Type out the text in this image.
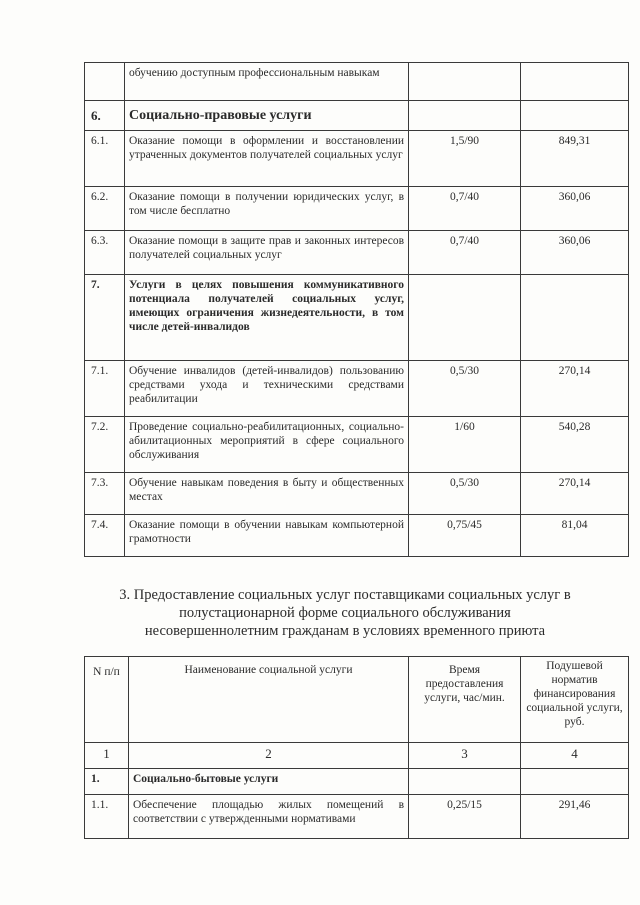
	обучению доступным профессиональным навыкам		
6.	Социально-правовые услуги		
6.1.	Оказание помощи в оформлении и восстановлении утраченных документов получателей социальных услуг	1,5/90	849,31
6.2.	Оказание помощи в получении юридических услуг, в том числе бесплатно	0,7/40	360,06
6.3.	Оказание помощи в защите прав и законных интересов получателей социальных услуг	0,7/40	360,06
7.	Услуги в целях повышения коммуникативного потенциала получателей социальных услуг, имеющих ограничения жизнедеятельности, в том числе детей-инвалидов		
7.1.	Обучение инвалидов (детей-инвалидов) пользованию средствами ухода и техническими средствами реабилитации	0,5/30	270,14
7.2.	Проведение социально-реабилитационных, социально-абилитационных мероприятий в сфере социального обслуживания	1/60	540,28
7.3.	Обучение навыкам поведения в быту и общественных местах	0,5/30	270,14
7.4.	Оказание помощи в обучении навыкам компьютерной грамотности	0,75/45	81,04
3. Предоставление социальных услуг поставщиками социальных услуг в
полустационарной форме социального обслуживания
несовершеннолетним гражданам в условиях временного приюта
N п/п	Наименование социальной услуги	Время предоставления услуги, час/мин.	Подушевой норматив финансирования социальной услуги, руб.
1	2	3	4
1.	Социально-бытовые услуги		
1.1.	Обеспечение площадью жилых помещений в соответствии с утвержденными нормативами	0,25/15	291,46
